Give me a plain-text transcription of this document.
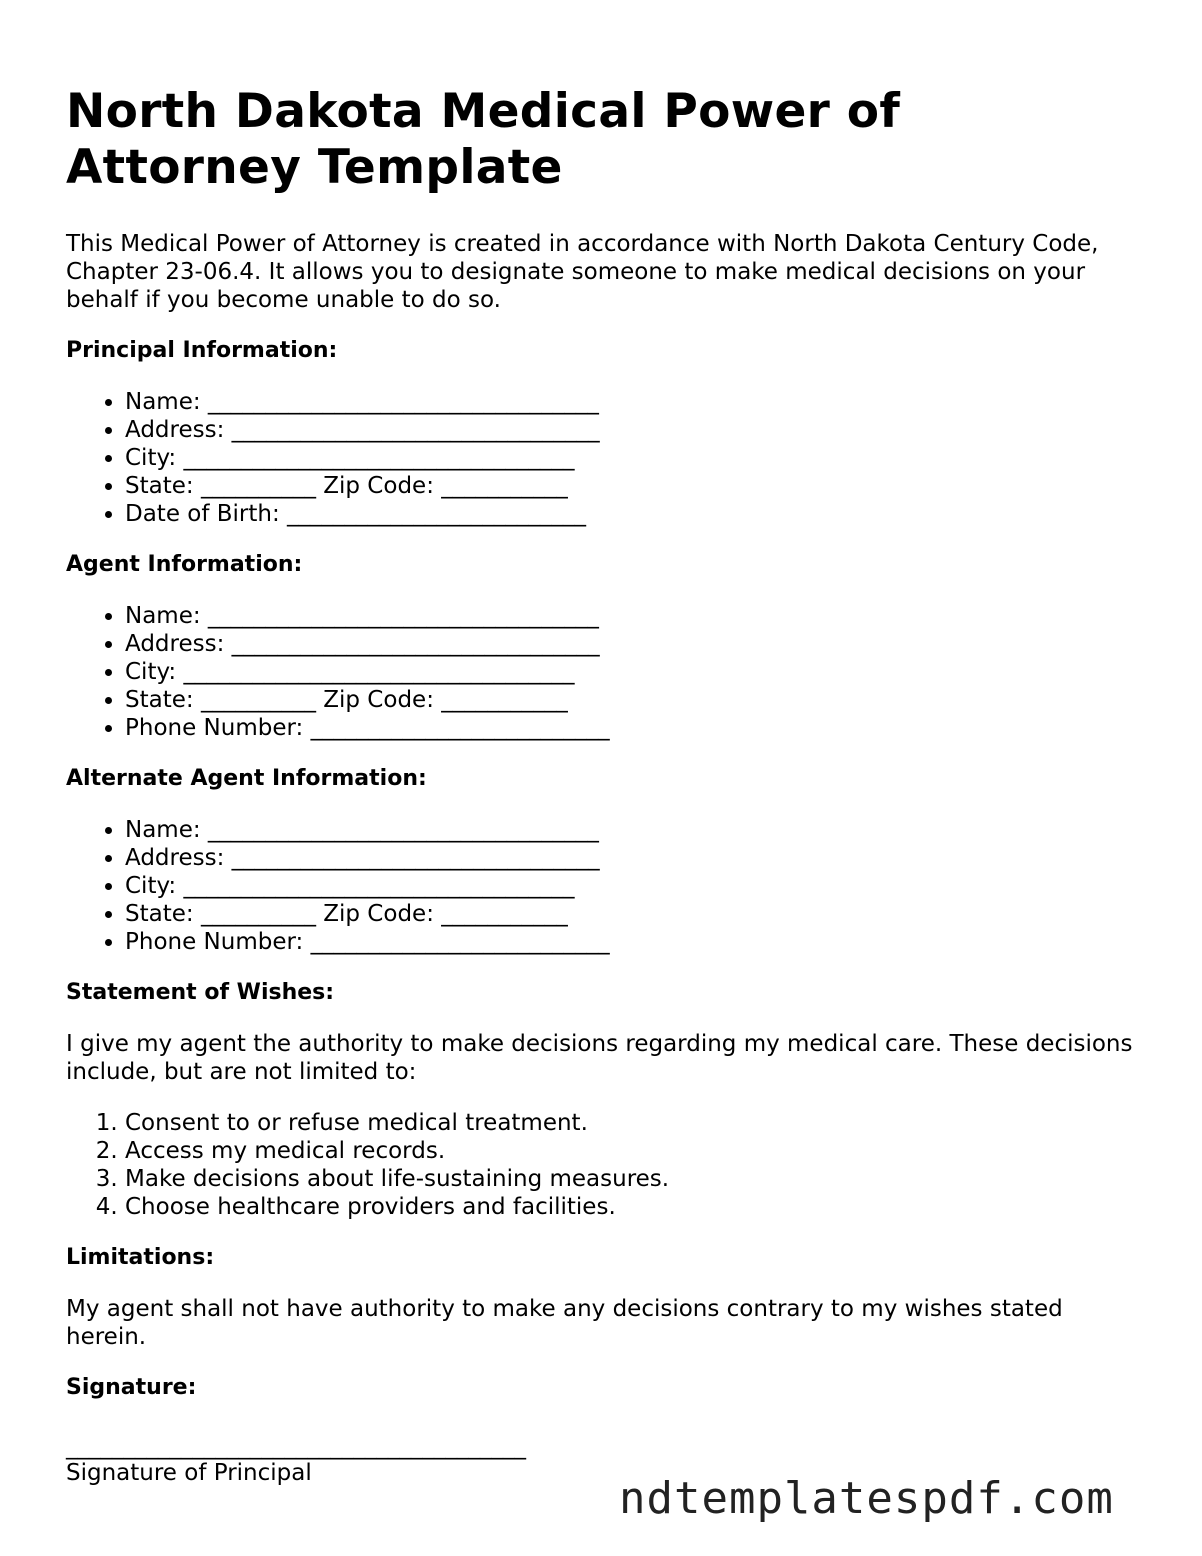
North Dakota Medical Power of Attorney Template

This Medical Power of Attorney is created in accordance with North Dakota Century Code, Chapter 23-06.4. It allows you to designate someone to make medical decisions on your behalf if you become unable to do so.

Principal Information:
• Name: __________________________________
• Address: ________________________________
• City: __________________________________
• State: __________ Zip Code: ___________
• Date of Birth: __________________________
Agent Information:
• Name: __________________________________
• Address: ________________________________
• City: __________________________________
• State: __________ Zip Code: ___________
• Phone Number: __________________________
Alternate Agent Information:
• Name: __________________________________
• Address: ________________________________
• City: __________________________________
• State: __________ Zip Code: ___________
• Phone Number: __________________________
Statement of Wishes:

I give my agent the authority to make decisions regarding my medical care. These decisions include, but are not limited to:

1. Consent to or refuse medical treatment.
2. Access my medical records.
3. Make decisions about life-sustaining measures.
4. Choose healthcare providers and facilities.
Limitations:

My agent shall not have authority to make any decisions contrary to my wishes stated herein.

Signature:
________________________________________
Signature of Principal	ndtemplatespdf.com
